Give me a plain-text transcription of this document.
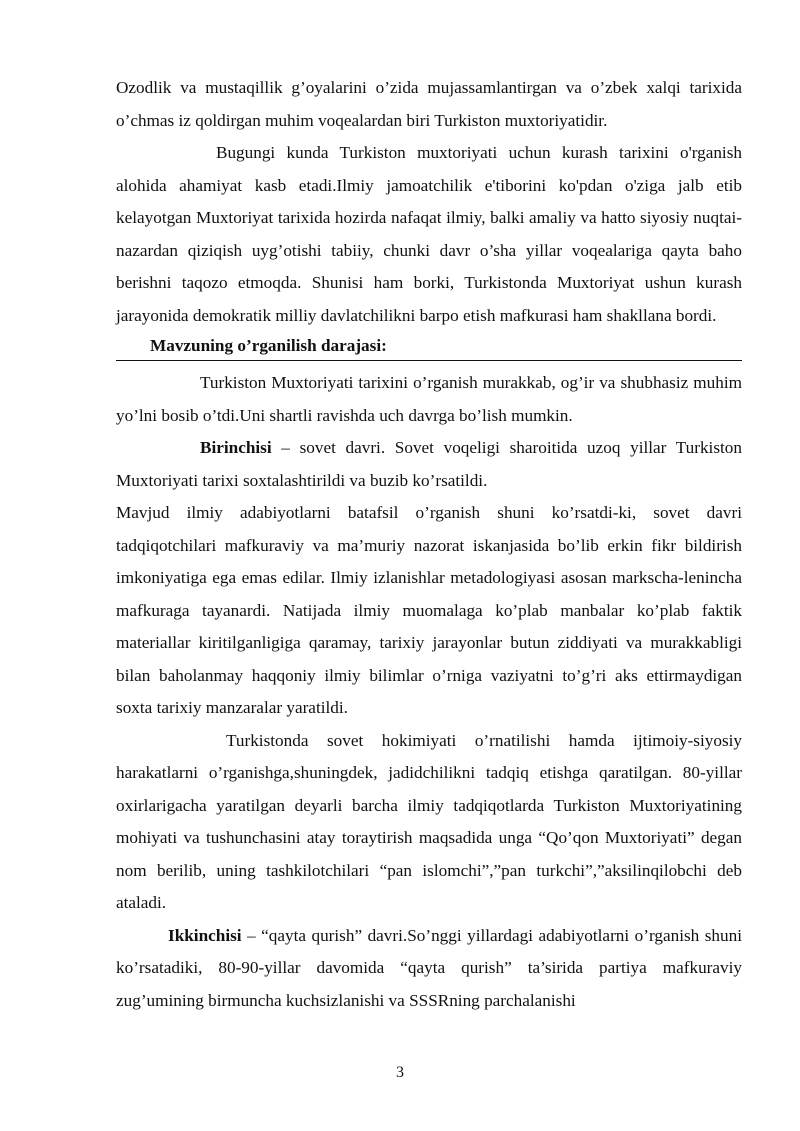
Ozodlik va mustaqillik g’oyalarini o’zida mujassamlantirgan va o’zbek xalqi tarixida o’chmas iz qoldirgan muhim voqealardan biri Turkiston muxtoriyatidir.

Bugungi kunda Turkiston muxtoriyati uchun kurash tarixini o'rganish alohida ahamiyat kasb etadi.Ilmiy jamoatchilik e'tiborini ko'pdan o'ziga jalb etib kelayotgan Muxtoriyat tarixida hozirda nafaqat ilmiy, balki amaliy va hatto siyosiy nuqtai-nazardan qiziqish uyg’otishi tabiiy, chunki davr o’sha yillar voqealariga qayta baho berishni taqozo etmoqda. Shunisi ham borki, Turkistonda Muxtoriyat ushun kurash jarayonida demokratik milliy davlatchilikni barpo etish mafkurasi ham shakllana bordi.

Mavzuning o’rganilish darajasi:

Turkiston Muxtoriyati tarixini o’rganish murakkab, og’ir va shubhasiz muhim yo’lni bosib o’tdi.Uni shartli ravishda uch davrga bo’lish mumkin.

Birinchisi – sovet davri. Sovet voqeligi sharoitida uzoq yillar Turkiston Muxtoriyati tarixi soxtalashtirildi va buzib ko’rsatildi.

Mavjud ilmiy adabiyotlarni batafsil o’rganish shuni ko’rsatdi-ki, sovet davri tadqiqotchilari mafkuraviy va ma’muriy nazorat iskanjasida bo’lib erkin fikr bildirish imkoniyatiga ega emas edilar. Ilmiy izlanishlar metadologiyasi asosan markscha-lenincha mafkuraga tayanardi. Natijada ilmiy muomalaga ko’plab manbalar ko’plab faktik materiallar kiritilganligiga qaramay, tarixiy jarayonlar butun ziddiyati va murakkabligi bilan baholanmay haqqoniy ilmiy bilimlar o’rniga vaziyatni to’g’ri aks ettirmaydigan soxta tarixiy manzaralar yaratildi.

Turkistonda sovet hokimiyati o’rnatilishi hamda ijtimoiy-siyosiy harakatlarni o’rganishga,shuningdek, jadidchilikni tadqiq etishga qaratilgan. 80-yillar oxirlarigacha yaratilgan deyarli barcha ilmiy tadqiqotlarda Turkiston Muxtoriyatining mohiyati va tushunchasini atay toraytirish maqsadida unga “Qo’qon Muxtoriyati” degan nom berilib, uning tashkilotchilari “pan islomchi”,”pan turkchi”,”aksilinqilobchi deb ataladi.

Ikkinchisi – “qayta qurish” davri.So’nggi yillardagi adabiyotlarni o’rganish shuni ko’rsatadiki, 80-90-yillar davomida “qayta qurish” ta’sirida partiya mafkuraviy zug’umining birmuncha kuchsizlanishi va SSSRning parchalanishi

3
